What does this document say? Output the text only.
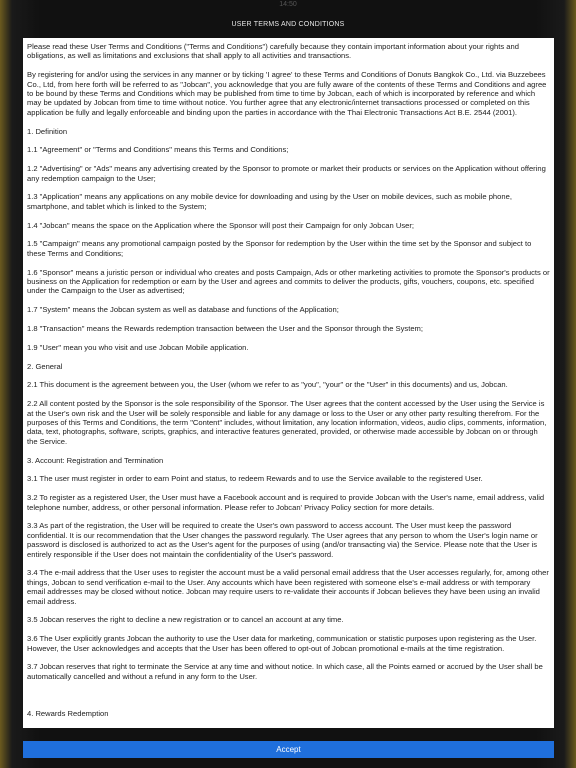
14:50
USER TERMS AND CONDITIONS

Please read these User Terms and Conditions ("Terms and Conditions") carefully because they contain important information about your rights and obligations, as well as limitations and exclusions that shall apply to all activities and transactions.

By registering for and/or using the services in any manner or by ticking 'I agree' to these Terms and Conditions of Donuts Bangkok Co., Ltd. via Buzzebees Co., Ltd, from here forth will be referred to as "Jobcan", you acknowledge that you are fully aware of the contents of these Terms and Conditions and agree to be bound by these Terms and Conditions which may be published from time to time by Jobcan, each of which is incorporated by reference and which may be updated by Jobcan from time to time without notice. You further agree that any electronic/internet transactions processed or completed on this application be fully and legally enforceable and binding upon the parties in accordance with the Thai Electronic Transactions Act B.E. 2544 (2001).

1. Definition

1.1 "Agreement" or "Terms and Conditions" means this Terms and Conditions;

1.2 "Advertising" or "Ads" means any advertising created by the Sponsor to promote or market their products or services on the Application without offering any redemption campaign to the User;

1.3 "Application" means any applications on any mobile device for downloading and using by the User on mobile devices, such as mobile phone, smartphone, and tablet which is linked to the System;

1.4 "Jobcan" means the space on the Application where the Sponsor will post their Campaign for only Jobcan User;

1.5 "Campaign" means any promotional campaign posted by the Sponsor for redemption by the User within the time set by the Sponsor and subject to these Terms and Conditions;

1.6 "Sponsor" means a juristic person or individual who creates and posts Campaign, Ads or other marketing activities to promote the Sponsor's products or business on the Application for redemption or earn by the User and agrees and commits to deliver the products, gifts, vouchers, coupons, etc. specified under the Campaign to the User as advertised;

1.7 "System" means the Jobcan system as well as database and functions of the Application;

1.8 "Transaction" means the Rewards redemption transaction between the User and the Sponsor through the System;

1.9 "User" mean you who visit and use Jobcan Mobile application.

2. General

2.1 This document is the agreement between you, the User (whom we refer to as "you", "your" or the "User" in this documents) and us, Jobcan.

2.2 All content posted by the Sponsor is the sole responsibility of the Sponsor. The User agrees that the content accessed by the User using the Service is at the User's own risk and the User will be solely responsible and liable for any damage or loss to the User or any other party resulting therefrom. For the purposes of this Terms and Conditions, the term "Content" includes, without limitation, any location information, videos, audio clips, comments, information, data, text, photographs, software, scripts, graphics, and interactive features generated, provided, or otherwise made accessible by Jobcan on or through the Service.

3. Account: Registration and Termination

3.1 The user must register in order to earn Point and status, to redeem Rewards and to use the Service available to the registered User.

3.2 To register as a registered User, the User must have a Facebook account and is required to provide Jobcan with the User's name, email address, valid telephone number, address, or other personal information. Please refer to Jobcan' Privacy Policy section for more details.

3.3 As part of the registration, the User will be required to create the User's own password to access account. The User must keep the password confidential. It is our recommendation that the User changes the password regularly. The User agrees that any person to whom the User's login name or password is disclosed is authorized to act as the User's agent for the purposes of using (and/or transacting via) the Service. Please note that the User is entirely responsible if the User does not maintain the confidentiality of the User's password.

3.4 The e-mail address that the User uses to register the account must be a valid personal email address that the User accesses regularly, for, among other things, Jobcan to send verification e-mail to the User. Any accounts which have been registered with someone else's e-mail address or with temporary email addresses may be closed without notice. Jobcan may require users to re-validate their accounts if Jobcan believes they have been using an invalid email address.

3.5 Jobcan reserves the right to decline a new registration or to cancel an account at any time.

3.6 The User explicitly grants Jobcan the authority to use the User data for marketing, communication or statistic purposes upon registering as the User. However, the User acknowledges and accepts that the User has been offered to opt-out of Jobcan promotional e-mails at the time registration.

3.7 Jobcan reserves that right to terminate the Service at any time and without notice. In which case, all the Points earned or accrued by the User shall be automatically cancelled and without a refund in any form to the User.

4. Rewards Redemption

Accept
